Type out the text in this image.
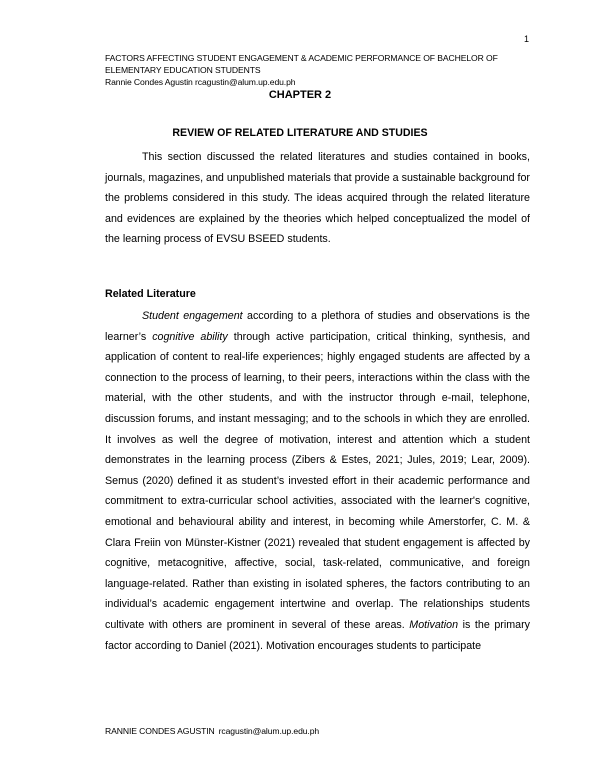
1
FACTORS AFFECTING STUDENT ENGAGEMENT & ACADEMIC PERFORMANCE OF BACHELOR OF ELEMENTARY EDUCATION STUDENTS
Rannie Condes Agustin rcagustin@alum.up.edu.ph
CHAPTER 2
REVIEW OF RELATED LITERATURE AND STUDIES

This section discussed the related literatures and studies contained in books, journals, magazines, and unpublished materials that provide a sustainable background for the problems considered in this study. The ideas acquired through the related literature and evidences are explained by the theories which helped conceptualized the model of the learning process of EVSU BSEED students.

Related Literature

Student engagement according to a plethora of studies and observations is the learner’s cognitive ability through active participation, critical thinking, synthesis, and application of content to real-life experiences; highly engaged students are affected by a connection to the process of learning, to their peers, interactions within the class with the material, with the other students, and with the instructor through e-mail, telephone, discussion forums, and instant messaging; and to the schools in which they are enrolled. It involves as well the degree of motivation, interest and attention which a student demonstrates in the learning process (Zibers & Estes, 2021; Jules, 2019; Lear, 2009). Semus (2020) defined it as student’s invested effort in their academic performance and commitment to extra-curricular school activities, associated with the learner's cognitive, emotional and behavioural ability and interest, in becoming while Amerstorfer, C. M. & Clara Freiin von Münster-Kistner (2021) revealed that student engagement is affected by cognitive, metacognitive, affective, social, task-related, communicative, and foreign language-related. Rather than existing in isolated spheres, the factors contributing to an individual’s academic engagement intertwine and overlap. The relationships students cultivate with others are prominent in several of these areas. Motivation is the primary factor according to Daniel (2021). Motivation encourages students to participate

RANNIE CONDES AGUSTIN rcagustin@alum.up.edu.ph
